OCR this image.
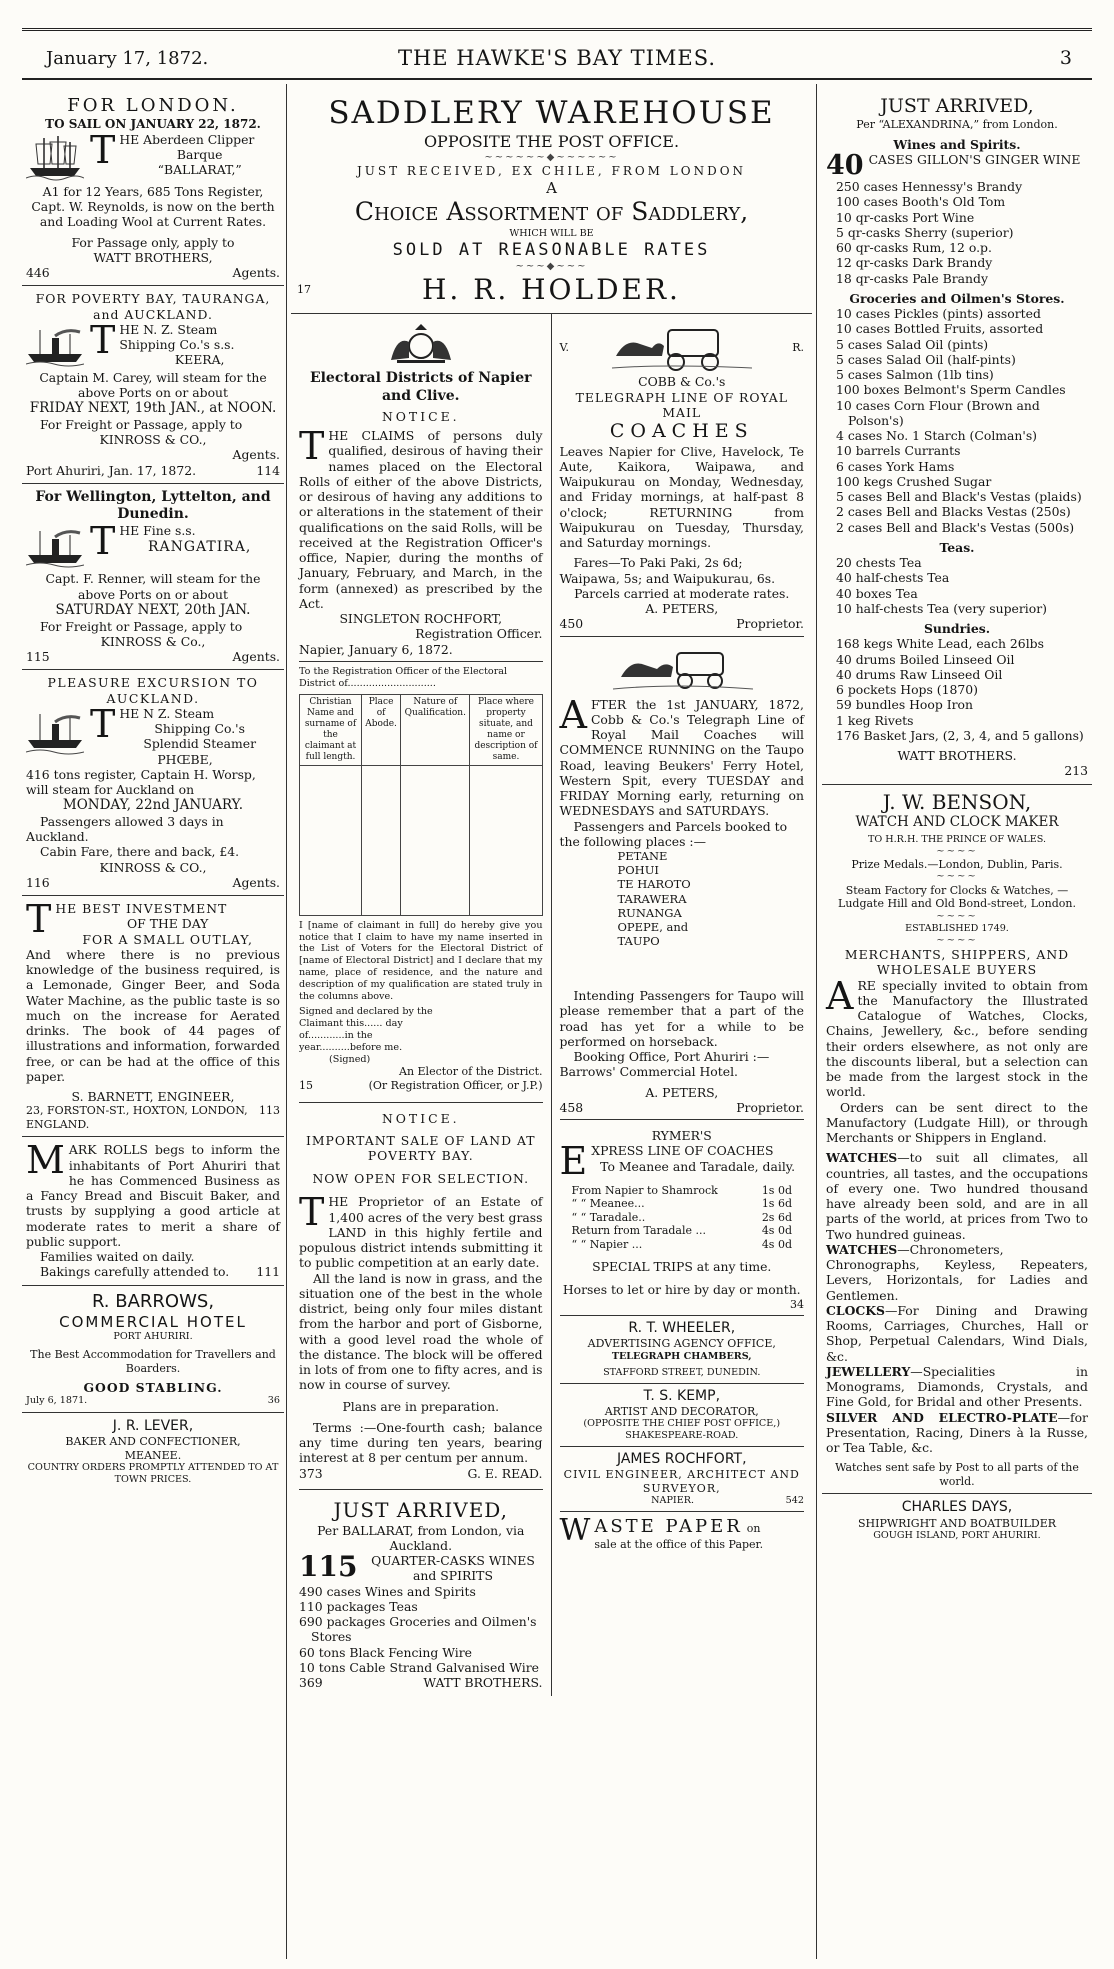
January 17, 1872.	THE HAWKE'S BAY TIMES.	3
FOR LONDON.
TO SAIL ON JANUARY 22, 1872.
T HE Aberdeen Clipper
Barque
“BALLARAT,”
A1 for 12 Years, 685 Tons Register, Capt. W. Reynolds, is now on the berth and Loading Wool at Current Rates.
For Passage only, apply to
WATT BROTHERS,
446	Agents.
FOR POVERTY BAY, TAURANGA, and AUCKLAND.
T HE N. Z. Steam
Shipping Co.'s s.s.
KEERA,
Captain M. Carey, will steam for the above Ports on or about
FRIDAY NEXT, 19th JAN., at NOON.
For Freight or Passage, apply to
KINROSS & CO.,
Agents.
Port Ahuriri, Jan. 17, 1872.	114
For Wellington, Lyttelton, and Dunedin.
T HE Fine s.s.
RANGATIRA,
Capt. F. Renner, will steam for the above Ports on or about
SATURDAY NEXT, 20th JAN.
For Freight or Passage, apply to
KINROSS & Co.,
115	Agents.
PLEASURE EXCURSION TO AUCKLAND.
T HE N Z. Steam
Shipping Co.'s
Splendid Steamer
PHŒBE,
416 tons register, Captain H. Worsp, will steam for Auckland on
MONDAY, 22nd JANUARY.
Passengers allowed 3 days in Auckland.
Cabin Fare, there and back, £4.
KINROSS & CO.,
116	Agents.
T HE BEST INVESTMENT
OF THE DAY
FOR A SMALL OUTLAY,
And where there is no previous knowledge of the business required, is a Lemonade, Ginger Beer, and Soda Water Machine, as the public taste is so much on the increase for Aerated drinks. The book of 44 pages of illustrations and information, forwarded free, or can be had at the office of this paper.
S. BARNETT, ENGINEER,
23, FORSTON-ST., HOXTON, LONDON, ENGLAND.
113
M ARK ROLLS begs to inform the inhabitants of Port Ahuriri that he has Commenced Business as a Fancy Bread and Biscuit Baker, and trusts by supplying a good article at moderate rates to merit a share of public support.
Families waited on daily.
Bakings carefully attended to. 111
R. BARROWS,
COMMERCIAL HOTEL
PORT AHURIRI.
The Best Accommodation for Travellers and Boarders.
GOOD STABLING.
July 6, 1871.	36
J. R. LEVER,
BAKER AND CONFECTIONER,
MEANEE.
COUNTRY ORDERS PROMPTLY ATTENDED TO AT TOWN PRICES.
SADDLERY WAREHOUSE
OPPOSITE THE POST OFFICE.
~~~~~~◆~~~~~~
JUST RECEIVED, EX CHILE, FROM LONDON
A
Choice Assortment of Saddlery,
WHICH WILL BE
SOLD AT REASONABLE RATES
~~~◆~~~
17	H. R. HOLDER.
Electoral Districts of Napier and Clive.
NOTICE.
T HE CLAIMS of persons duly qualified, desirous of having their names placed on the Electoral Rolls of either of the above Districts, or desirous of having any additions to or alterations in the statement of their qualifications on the said Rolls, will be received at the Registration Officer's office, Napier, during the months of January, February, and March, in the form (annexed) as prescribed by the Act.
SINGLETON ROCHFORT,
Registration Officer.
Napier, January 6, 1872.
To the Registration Officer of the Electoral District of.............................
Christian Name and surname of the claimant at full length.	Place of Abode.	Nature of Qualification.	Place where property situate, and name or description of same.

I [name of claimant in full] do hereby give you notice that I claim to have my name inserted in the List of Voters for the Electoral District of [name of Electoral District] and I declare that my name, place of residence, and the nature and description of my qualification are stated truly in the columns above.
Signed and declared by the Claimant this...... day of............in the year..........before me.
(Signed)
An Elector of the District.
15	(Or Registration Officer, or J.P.)
NOTICE.
IMPORTANT SALE OF LAND AT POVERTY BAY.
NOW OPEN FOR SELECTION.
T HE Proprietor of an Estate of 1,400 acres of the very best grass LAND in this highly fertile and populous district intends submitting it to public competition at an early date.
All the land is now in grass, and the situation one of the best in the whole district, being only four miles distant from the harbor and port of Gisborne, with a good level road the whole of the distance. The block will be offered in lots of from one to fifty acres, and is now in course of survey.
Plans are in preparation.
Terms :—One-fourth cash; balance any time during ten years, bearing interest at 8 per centum per annum.
373	G. E. READ.
JUST ARRIVED,
Per BALLARAT, from London, via Auckland.
115	QUARTER-CASKS WINES and SPIRITS
490 cases Wines and Spirits
110 packages Teas
690 packages Groceries and Oilmen's Stores
60 tons Black Fencing Wire
10 tons Cable Strand Galvanised Wire
369	WATT BROTHERS.
V.	R.
COBB & Co.'s
TELEGRAPH LINE OF ROYAL MAIL
COACHES
Leaves Napier for Clive, Havelock, Te Aute, Kaikora, Waipawa, and Waipukurau on Monday, Wednesday, and Friday mornings, at half-past 8 o'clock; RETURNING from Waipukurau on Tuesday, Thursday, and Saturday mornings.
Fares—To Paki Paki, 2s 6d; Waipawa, 5s; and Waipukurau, 6s.
Parcels carried at moderate rates.
A. PETERS,
450	Proprietor.
A FTER the 1st JANUARY, 1872, Cobb & Co.'s Telegraph Line of Royal Mail Coaches will COMMENCE RUNNING on the Taupo Road, leaving Beukers' Ferry Hotel, Western Spit, every TUESDAY and FRIDAY Morning early, returning on WEDNESDAYS and SATURDAYS.
Passengers and Parcels booked to the following places :—
PETANE
POHUI
TE HAROTO
TARAWERA
RUNANGA
OPEPE, and
TAUPO
Intending Passengers for Taupo will please remember that a part of the road has yet for a while to be performed on horseback.
Booking Office, Port Ahuriri :—Barrows' Commercial Hotel.
A. PETERS,
458	Proprietor.
RYMER'S
E XPRESS LINE OF COACHES
To Meanee and Taradale, daily.
From Napier to Shamrock	1s 0d
“ “ Meanee...	1s 6d
“ “ Taradale..	2s 6d
Return from Taradale ...	4s 0d
“ “ Napier ...	4s 0d
SPECIAL TRIPS at any time.
Horses to let or hire by day or month.
34
R. T. WHEELER,
ADVERTISING AGENCY OFFICE,
TELEGRAPH CHAMBERS,
STAFFORD STREET, DUNEDIN.
T. S. KEMP,
ARTIST AND DECORATOR,
(OPPOSITE THE CHIEF POST OFFICE,)
SHAKESPEARE-ROAD.
JAMES ROCHFORT,
CIVIL ENGINEER, ARCHITECT AND SURVEYOR,
NAPIER.	542
W ASTE PAPER on
sale at the office of this Paper.
JUST ARRIVED,
Per “ALEXANDRINA,” from London.
Wines and Spirits.
40 CASES GILLON'S GINGER WINE
250 cases Hennessy's Brandy
100 cases Booth's Old Tom
10 qr-casks Port Wine
5 qr-casks Sherry (superior)
60 qr-casks Rum, 12 o.p.
12 qr-casks Dark Brandy
18 qr-casks Pale Brandy
Groceries and Oilmen's Stores.
10 cases Pickles (pints) assorted
10 cases Bottled Fruits, assorted
5 cases Salad Oil (pints)
5 cases Salad Oil (half-pints)
5 cases Salmon (1lb tins)
100 boxes Belmont's Sperm Candles
10 cases Corn Flour (Brown and Polson's)
4 cases No. 1 Starch (Colman's)
10 barrels Currants
6 cases York Hams
100 kegs Crushed Sugar
5 cases Bell and Black's Vestas (plaids)
2 cases Bell and Blacks Vestas (250s)
2 cases Bell and Black's Vestas (500s)
Teas.
20 chests Tea
40 half-chests Tea
40 boxes Tea
10 half-chests Tea (very superior)
Sundries.
168 kegs White Lead, each 26lbs
40 drums Boiled Linseed Oil
40 drums Raw Linseed Oil
6 pockets Hops (1870)
59 bundles Hoop Iron
1 keg Rivets
176 Basket Jars, (2, 3, 4, and 5 gallons)
WATT BROTHERS.
213
J. W. BENSON,
WATCH AND CLOCK MAKER
TO H.R.H. THE PRINCE OF WALES.
~~~~
Prize Medals.—London, Dublin, Paris.
~~~~
Steam Factory for Clocks & Watches, —Ludgate Hill and Old Bond-street, London.
~~~~
ESTABLISHED 1749.
~~~~
MERCHANTS, SHIPPERS, AND WHOLESALE BUYERS
A RE specially invited to obtain from the Manufactory the Illustrated Catalogue of Watches, Clocks, Chains, Jewellery, &c., before sending their orders elsewhere, as not only are the discounts liberal, but a selection can be made from the largest stock in the world.
Orders can be sent direct to the Manufactory (Ludgate Hill), or through Merchants or Shippers in England.
WATCHES—to suit all climates, all countries, all tastes, and the occupations of every one. Two hundred thousand have already been sold, and are in all parts of the world, at prices from Two to Two hundred guineas.
WATCHES—Chronometers, Chronographs, Keyless, Repeaters, Levers, Horizontals, for Ladies and Gentlemen.
CLOCKS—For Dining and Drawing Rooms, Carriages, Churches, Hall or Shop, Perpetual Calendars, Wind Dials, &c.
JEWELLERY—Specialities in Monograms, Diamonds, Crystals, and Fine Gold, for Bridal and other Presents.
SILVER AND ELECTRO-PLATE—for Presentation, Racing, Diners à la Russe, or Tea Table, &c.
Watches sent safe by Post to all parts of the world.
CHARLES DAYS,
SHIPWRIGHT AND BOATBUILDER
GOUGH ISLAND, PORT AHURIRI.
